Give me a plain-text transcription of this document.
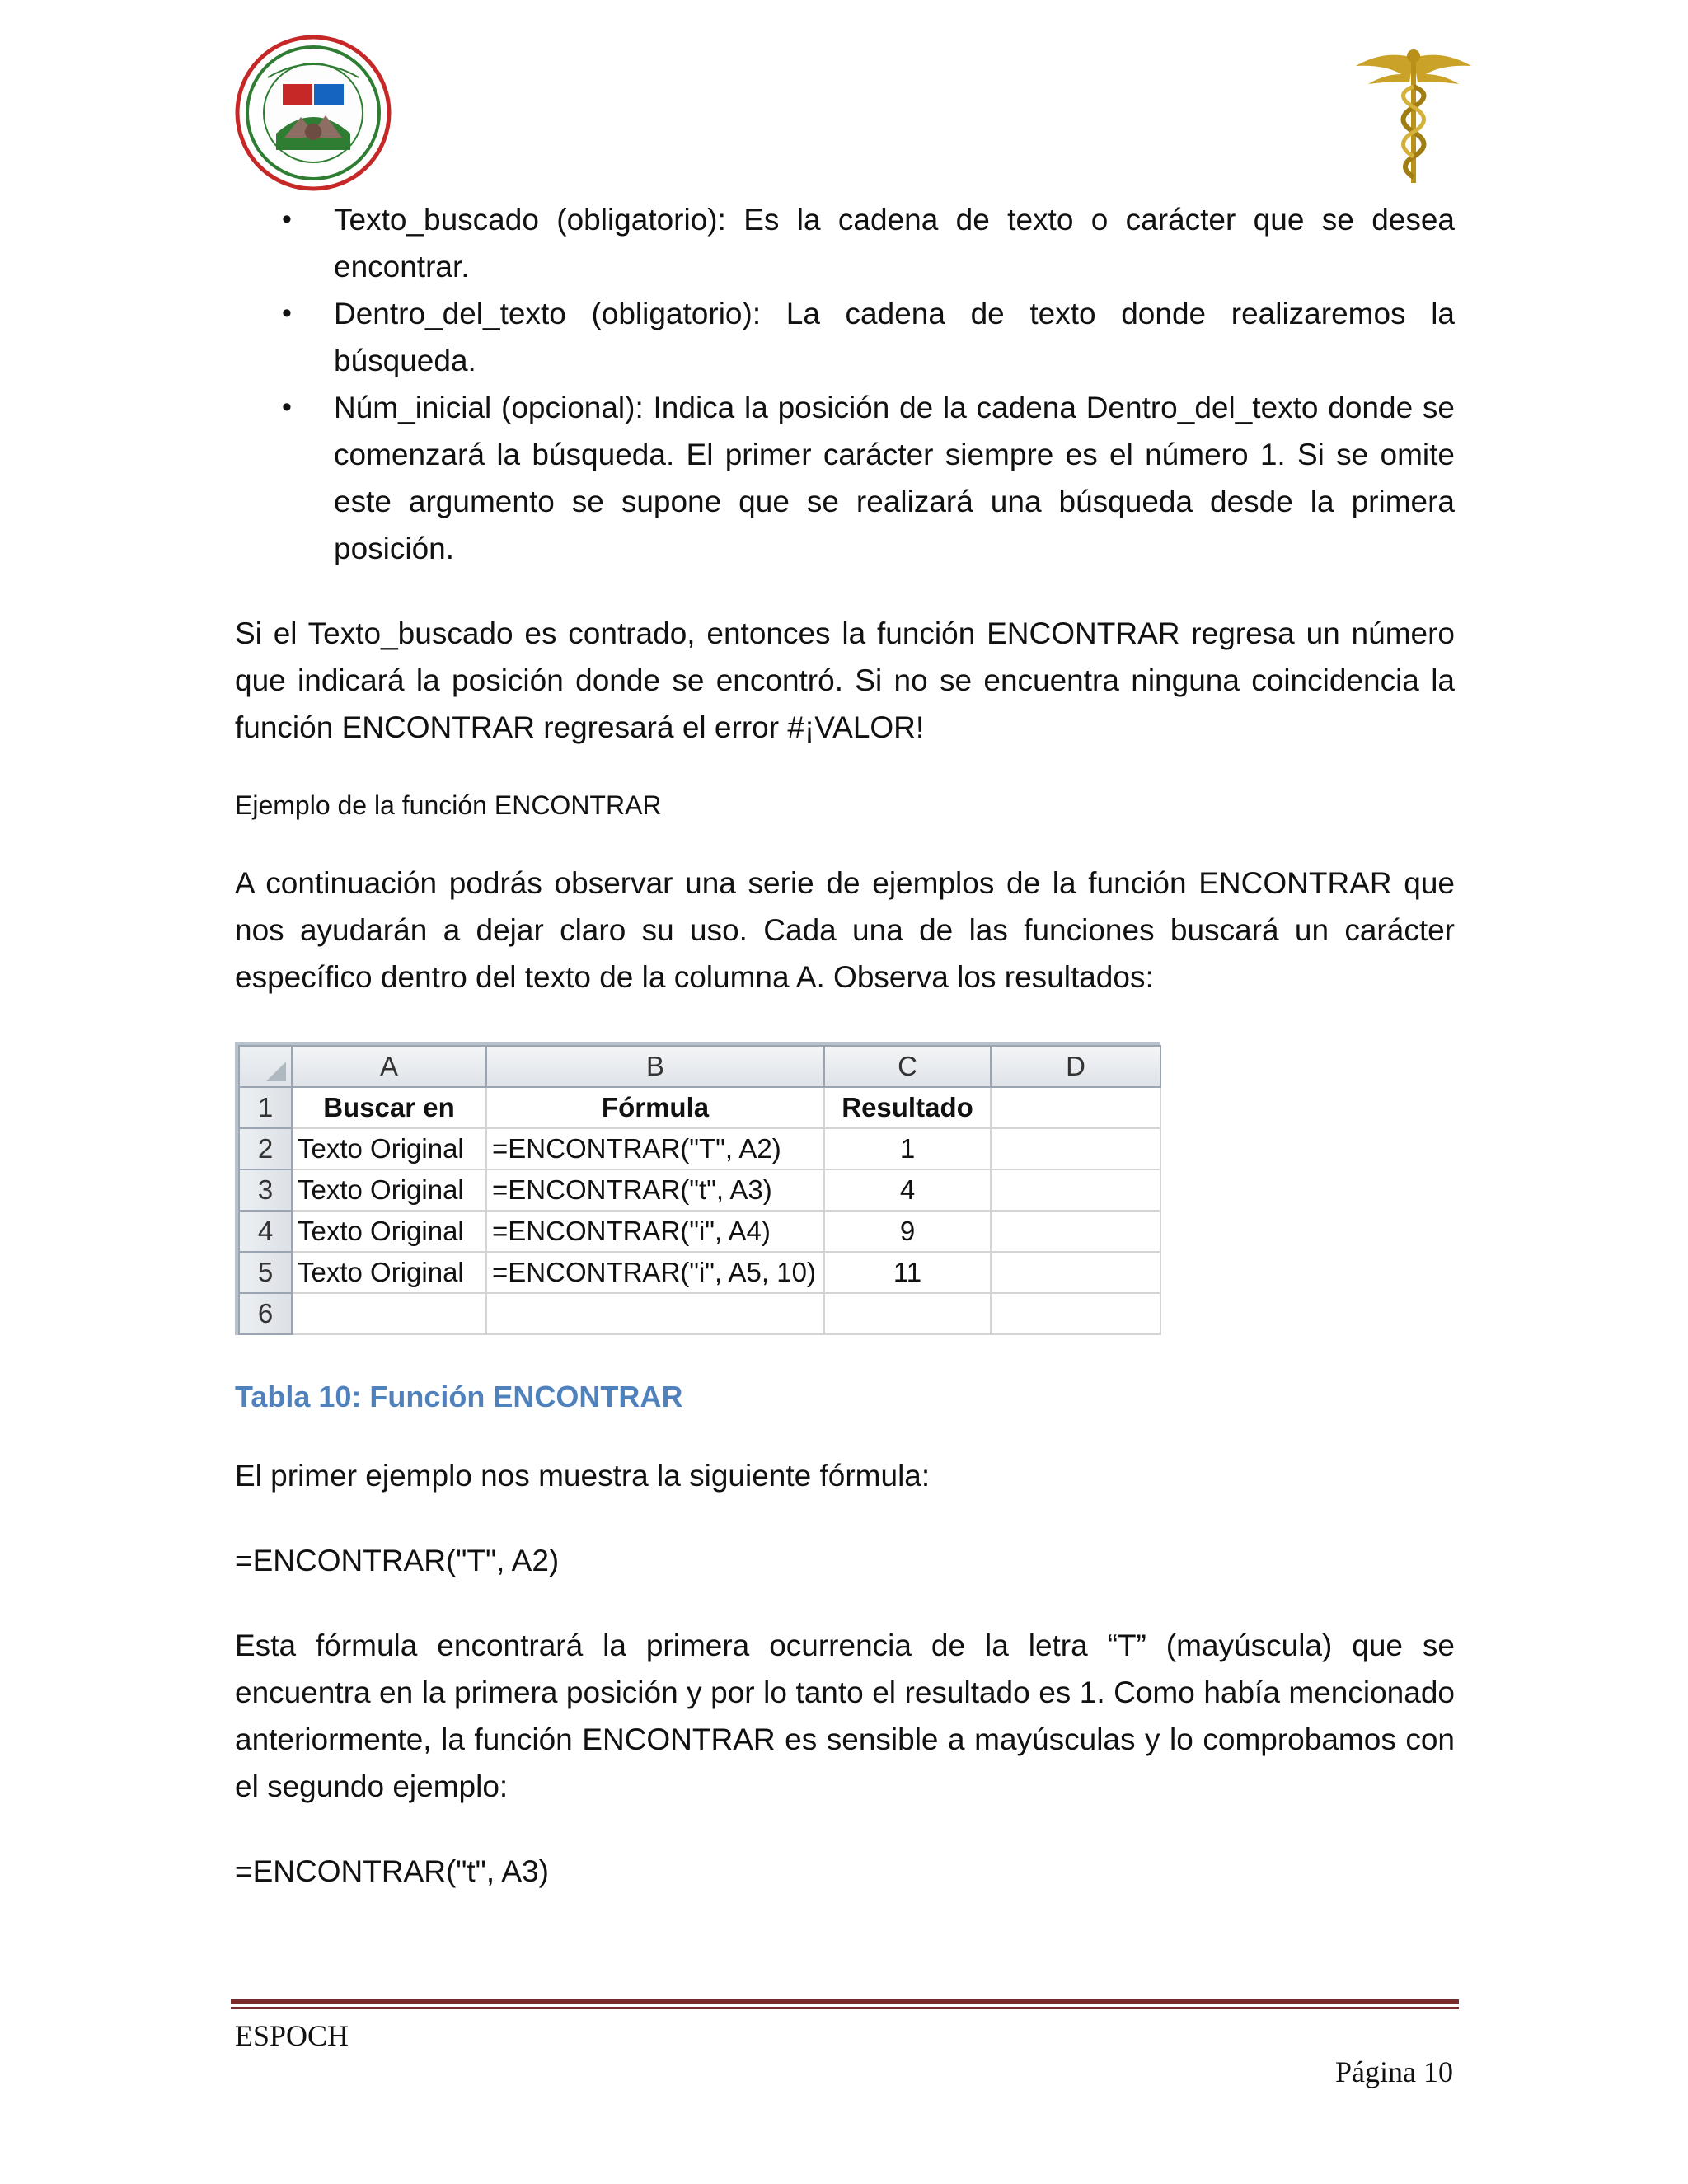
• Texto_buscado (obligatorio): Es la cadena de texto o carácter que se desea encontrar.
• Dentro_del_texto (obligatorio): La cadena de texto donde realizaremos la búsqueda.
• Núm_inicial (opcional): Indica la posición de la cadena Dentro_del_texto donde se comenzará la búsqueda. El primer carácter siempre es el número 1. Si se omite este argumento se supone que se realizará una búsqueda desde la primera posición.

Si el Texto_buscado es contrado, entonces la función ENCONTRAR regresa un número que indicará la posición donde se encontró. Si no se encuentra ninguna coincidencia la función ENCONTRAR regresará el error #¡VALOR!

Ejemplo de la función ENCONTRAR

A continuación podrás observar una serie de ejemplos de la función ENCONTRAR que nos ayudarán a dejar claro su uso. Cada una de las funciones buscará un carácter específico dentro del texto de la columna A. Observa los resultados:

	A	B	C	D
1	Buscar en	Fórmula	Resultado	
2	Texto Original	=ENCONTRAR("T", A2)	1	
3	Texto Original	=ENCONTRAR("t", A3)	4	
4	Texto Original	=ENCONTRAR("i", A4)	9	
5	Texto Original	=ENCONTRAR("i", A5, 10)	11	
6				

Tabla 10: Función ENCONTRAR

El primer ejemplo nos muestra la siguiente fórmula:

=ENCONTRAR("T", A2)

Esta fórmula encontrará la primera ocurrencia de la letra “T” (mayúscula) que se encuentra en la primera posición y por lo tanto el resultado es 1. Como había mencionado anteriormente, la función ENCONTRAR es sensible a mayúsculas y lo comprobamos con el segundo ejemplo:

=ENCONTRAR("t", A3)

ESPOCH
Página 10
